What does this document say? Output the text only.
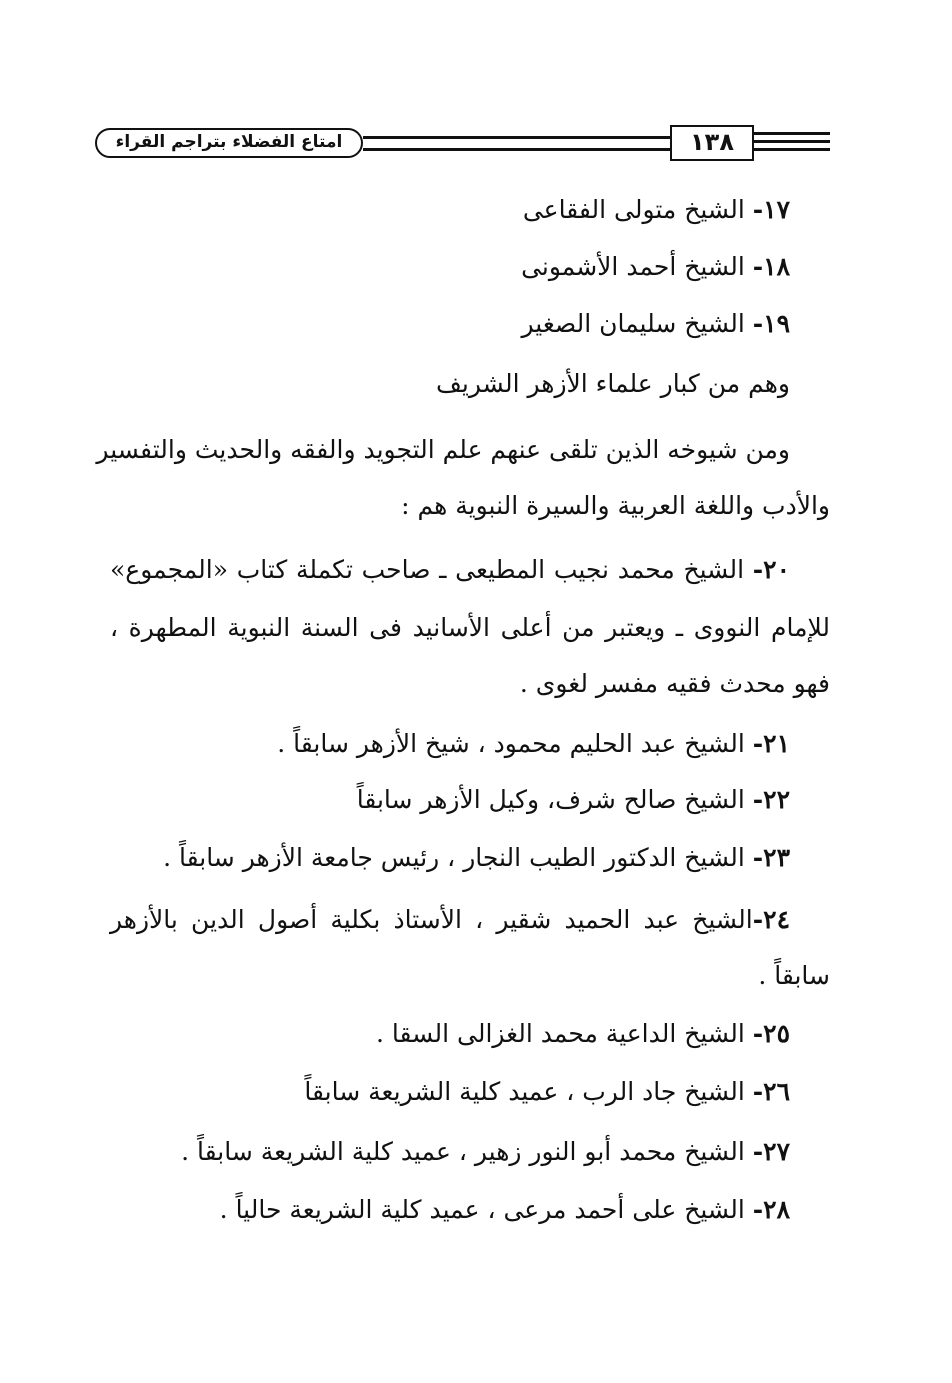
امتاع الفضلاء بتراجم القراء	١٣٨
١٧- الشيخ متولى الفقاعى
١٨- الشيخ أحمد الأشمونى
١٩- الشيخ سليمان الصغير
وهم من كبار علماء الأزهر الشريف
ومن شيوخه الذين تلقى عنهم علم التجويد والفقه والحديث والتفسير
والأدب واللغة العربية والسيرة النبوية هم :
٢٠- الشيخ محمد نجيب المطيعى ـ صاحب تكملة كتاب «المجموع»
للإمام النووى ـ ويعتبر من أعلى الأسانيد فى السنة النبوية المطهرة ،
فهو محدث فقيه مفسر لغوى .
٢١- الشيخ عبد الحليم محمود ، شيخ الأزهر سابقاً .
٢٢- الشيخ صالح شرف، وكيل الأزهر سابقاً
٢٣- الشيخ الدكتور الطيب النجار ، رئيس جامعة الأزهر سابقاً .
٢٤-الشيخ عبد الحميد شقير ، الأستاذ بكلية أصول الدين بالأزهر
سابقاً .
٢٥- الشيخ الداعية محمد الغزالى السقا .
٢٦- الشيخ جاد الرب ، عميد كلية الشريعة سابقاً
٢٧- الشيخ محمد أبو النور زهير ، عميد كلية الشريعة سابقاً .
٢٨- الشيخ على أحمد مرعى ، عميد كلية الشريعة حالياً .
